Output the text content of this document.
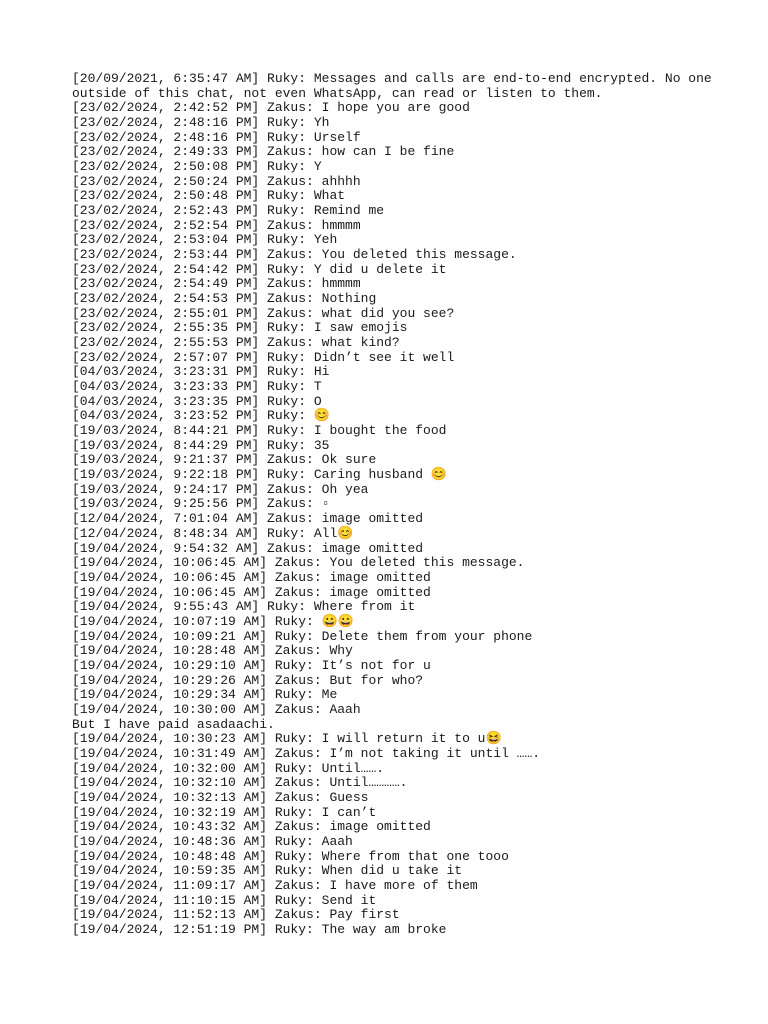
[20/09/2021, 6:35:47 AM] Ruky: Messages and calls are end-to-end encrypted. No one
outside of this chat, not even WhatsApp, can read or listen to them.

[23/02/2024, 2:42:52 PM] Zakus: I hope you are good

[23/02/2024, 2:48:16 PM] Ruky: Yh

[23/02/2024, 2:48:16 PM] Ruky: Urself

[23/02/2024, 2:49:33 PM] Zakus: how can I be fine

[23/02/2024, 2:50:08 PM] Ruky: Y

[23/02/2024, 2:50:24 PM] Zakus: ahhhh

[23/02/2024, 2:50:48 PM] Ruky: What

[23/02/2024, 2:52:43 PM] Ruky: Remind me

[23/02/2024, 2:52:54 PM] Zakus: hmmmm

[23/02/2024, 2:53:04 PM] Ruky: Yeh

[23/02/2024, 2:53:44 PM] Zakus: You deleted this message.

[23/02/2024, 2:54:42 PM] Ruky: Y did u delete it

[23/02/2024, 2:54:49 PM] Zakus: hmmmm

[23/02/2024, 2:54:53 PM] Zakus: Nothing

[23/02/2024, 2:55:01 PM] Zakus: what did you see?

[23/02/2024, 2:55:35 PM] Ruky: I saw emojis

[23/02/2024, 2:55:53 PM] Zakus: what kind?

[23/02/2024, 2:57:07 PM] Ruky: Didn’t see it well

[04/03/2024, 3:23:31 PM] Ruky: Hi

[04/03/2024, 3:23:33 PM] Ruky: T

[04/03/2024, 3:23:35 PM] Ruky: O

[04/03/2024, 3:23:52 PM] Ruky: 😊

[19/03/2024, 8:44:21 PM] Ruky: I bought the food

[19/03/2024, 8:44:29 PM] Ruky: 35

[19/03/2024, 9:21:37 PM] Zakus: Ok sure

[19/03/2024, 9:22:18 PM] Ruky: Caring husband 😊

[19/03/2024, 9:24:17 PM] Zakus: Oh yea

[19/03/2024, 9:25:56 PM] Zakus: ▫

[12/04/2024, 7:01:04 AM] Zakus: image omitted

[12/04/2024, 8:48:34 AM] Ruky: All😊

[19/04/2024, 9:54:32 AM] Zakus: image omitted

[19/04/2024, 10:06:45 AM] Zakus: You deleted this message.

[19/04/2024, 10:06:45 AM] Zakus: image omitted

[19/04/2024, 10:06:45 AM] Zakus: image omitted

[19/04/2024, 9:55:43 AM] Ruky: Where from it

[19/04/2024, 10:07:19 AM] Ruky: 😀😀

[19/04/2024, 10:09:21 AM] Ruky: Delete them from your phone

[19/04/2024, 10:28:48 AM] Zakus: Why

[19/04/2024, 10:29:10 AM] Ruky: It’s not for u

[19/04/2024, 10:29:26 AM] Zakus: But for who?

[19/04/2024, 10:29:34 AM] Ruky: Me

[19/04/2024, 10:30:00 AM] Zakus: Aaah
But I have paid asadaachi.

[19/04/2024, 10:30:23 AM] Ruky: I will return it to u😆

[19/04/2024, 10:31:49 AM] Zakus: I’m not taking it until …….

[19/04/2024, 10:32:00 AM] Ruky: Until…….

[19/04/2024, 10:32:10 AM] Zakus: Until………….

[19/04/2024, 10:32:13 AM] Zakus: Guess

[19/04/2024, 10:32:19 AM] Ruky: I can’t

[19/04/2024, 10:43:32 AM] Zakus: image omitted

[19/04/2024, 10:48:36 AM] Ruky: Aaah

[19/04/2024, 10:48:48 AM] Ruky: Where from that one tooo

[19/04/2024, 10:59:35 AM] Ruky: When did u take it

[19/04/2024, 11:09:17 AM] Zakus: I have more of them

[19/04/2024, 11:10:15 AM] Ruky: Send it

[19/04/2024, 11:52:13 AM] Zakus: Pay first

[19/04/2024, 12:51:19 PM] Ruky: The way am broke
